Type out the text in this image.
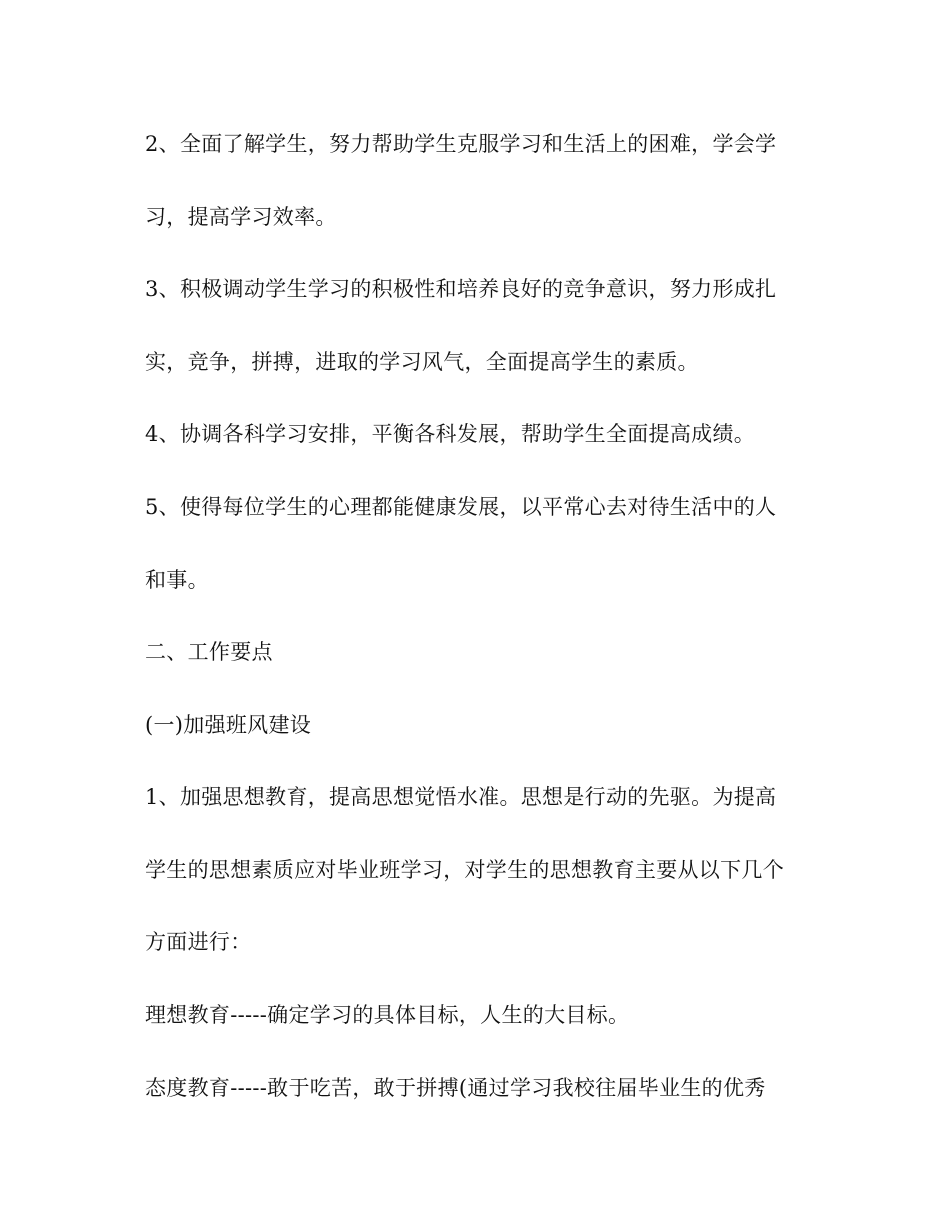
2、全面了解学生，努力帮助学生克服学习和生活上的困难，学会学

习，提高学习效率。

3、积极调动学生学习的积极性和培养良好的竞争意识，努力形成扎

实，竞争，拼搏，进取的学习风气，全面提高学生的素质。

4、协调各科学习安排，平衡各科发展，帮助学生全面提高成绩。

5、使得每位学生的心理都能健康发展，以平常心去对待生活中的人

和事。

二、工作要点

(一)加强班风建设

1、加强思想教育，提高思想觉悟水准。思想是行动的先驱。为提高

学生的思想素质应对毕业班学习，对学生的思想教育主要从以下几个

方面进行：

理想教育-----确定学习的具体目标，人生的大目标。

态度教育-----敢于吃苦，敢于拼搏(通过学习我校往届毕业生的优秀
